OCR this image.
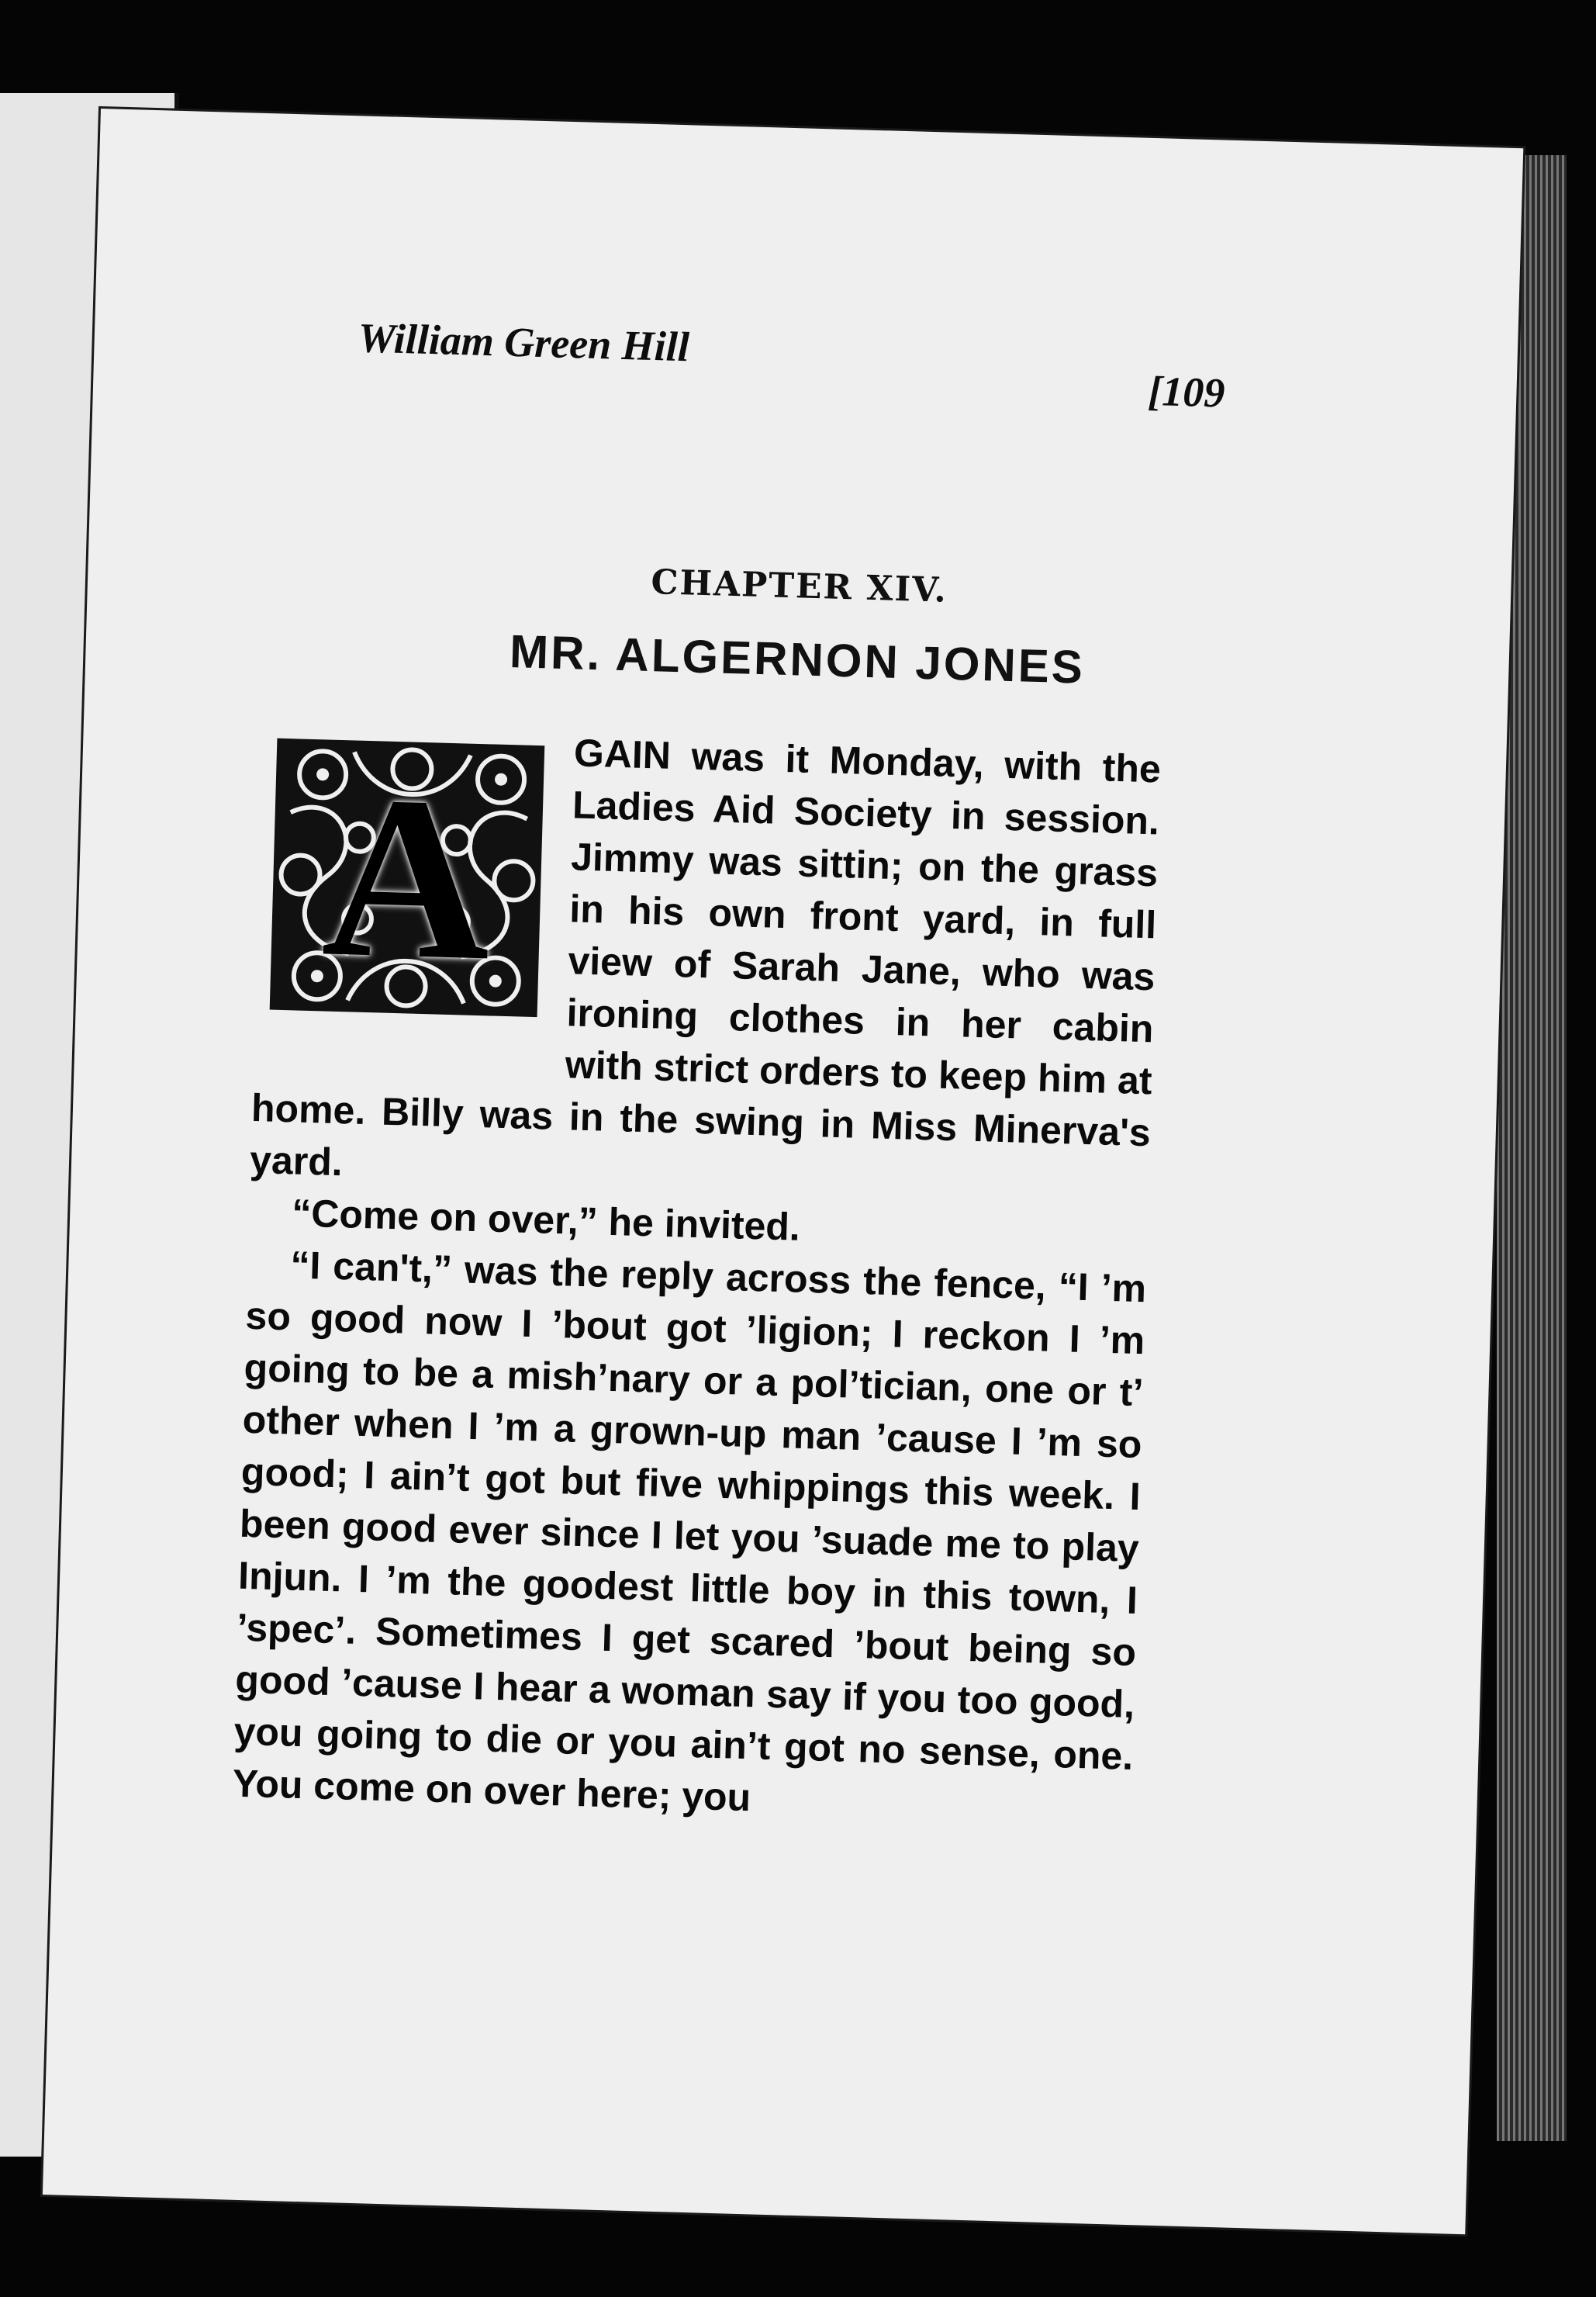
William Green Hill
[109
CHAPTER XIV.
MR. ALGERNON JONES
A	GAIN was it Monday, with the Ladies Aid Society in session. Jimmy was sittin; on the grass in his own front yard, in full view of Sarah Jane, who was ironing clothes in her cabin with strict orders to keep him at home. Billy was in the swing in Miss Minerva's yard.

“Come on over,” he invited.

“I can't,” was the reply across the fence, “I ’m so good now I ’bout got ’ligion; I reckon I ’m going to be a mish’nary or a pol’tician, one or t’ other when I ’m a grown-up man ’cause I ’m so good; I ain’t got but five whippings this week. I been good ever since I let you ’suade me to play Injun. I ’m the goodest little boy in this town, I ’spec’. Sometimes I get scared ’bout being so good ’cause I hear a woman say if you too good, you going to die or you ain’t got no sense, one. You come on over here; you
